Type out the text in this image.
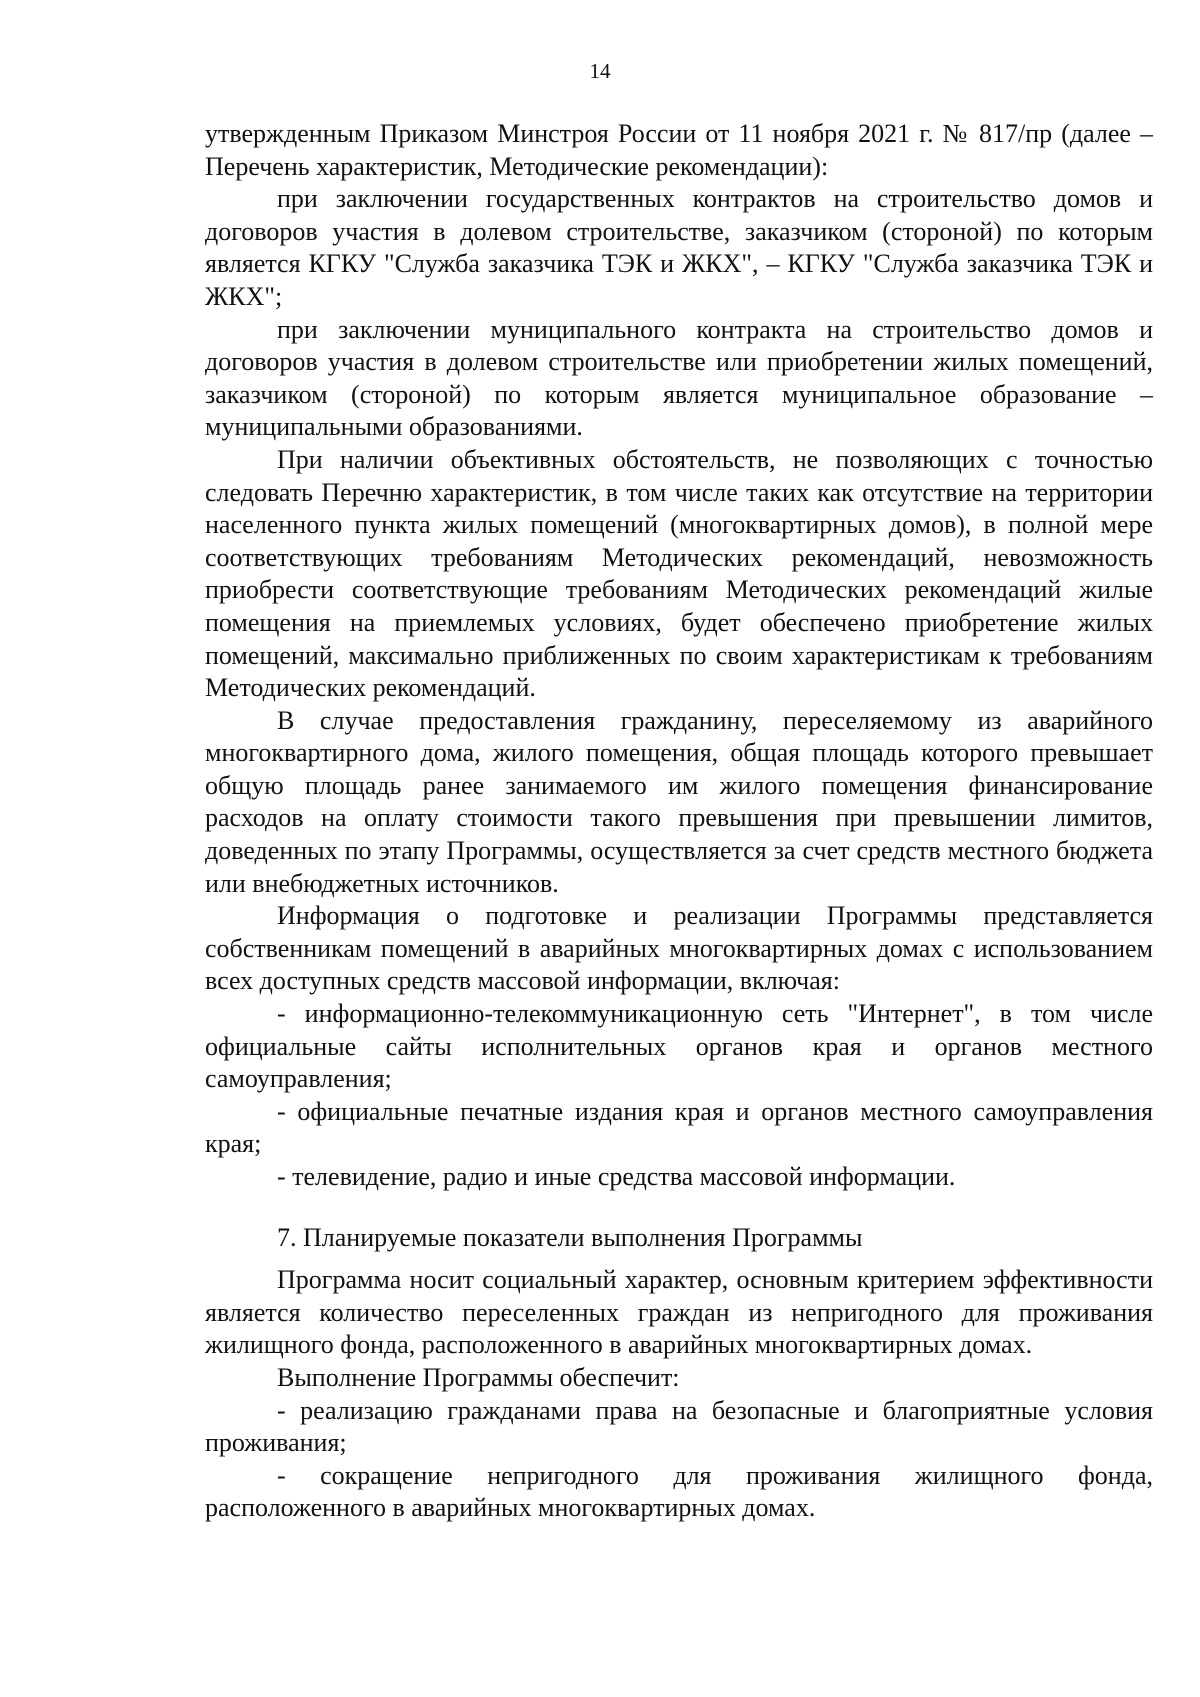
14

утвержденным Приказом Минстроя России от 11 ноября 2021 г. № 817/пр (далее – Перечень характеристик, Методические рекомендации):

при заключении государственных контрактов на строительство домов и договоров участия в долевом строительстве, заказчиком (стороной) по которым является КГКУ "Служба заказчика ТЭК и ЖКХ", – КГКУ "Служба заказчика ТЭК и ЖКХ";

при заключении муниципального контракта на строительство домов и договоров участия в долевом строительстве или приобретении жилых помещений, заказчиком (стороной) по которым является муниципальное образование – муниципальными образованиями.

При наличии объективных обстоятельств, не позволяющих с точностью следовать Перечню характеристик, в том числе таких как отсутствие на территории населенного пункта жилых помещений (многоквартирных домов), в полной мере соответствующих требованиям Методических рекомендаций, невозможность приобрести соответствующие требованиям Методических рекомендаций жилые помещения на приемлемых условиях, будет обеспечено приобретение жилых помещений, максимально приближенных по своим характеристикам к требованиям Методических рекомендаций.

В случае предоставления гражданину, переселяемому из аварийного многоквартирного дома, жилого помещения, общая площадь которого превышает общую площадь ранее занимаемого им жилого помещения финансирование расходов на оплату стоимости такого превышения при превышении лимитов, доведенных по этапу Программы, осуществляется за счет средств местного бюджета или внебюджетных источников.

Информация о подготовке и реализации Программы представляется собственникам помещений в аварийных многоквартирных домах с использованием всех доступных средств массовой информации, включая:

- информационно-телекоммуникационную сеть "Интернет", в том числе официальные сайты исполнительных органов края и органов местного самоуправления;

- официальные печатные издания края и органов местного самоуправления края;

- телевидение, радио и иные средства массовой информации.

7. Планируемые показатели выполнения Программы

Программа носит социальный характер, основным критерием эффективности является количество переселенных граждан из непригодного для проживания жилищного фонда, расположенного в аварийных многоквартирных домах.

Выполнение Программы обеспечит:

- реализацию гражданами права на безопасные и благоприятные условия проживания;

- сокращение непригодного для проживания жилищного фонда, расположенного в аварийных многоквартирных домах.
